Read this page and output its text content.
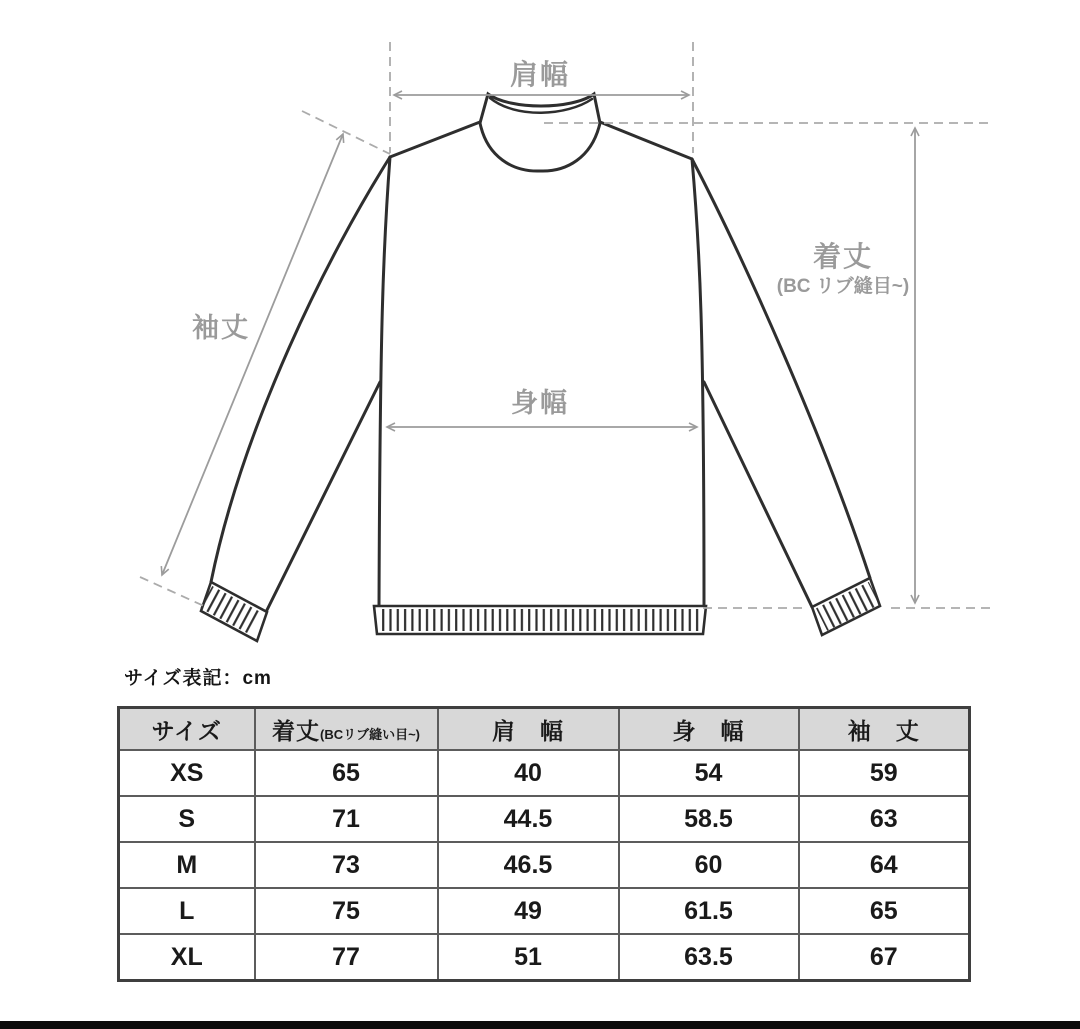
肩幅
着丈
(BC リブ縫目~)
袖丈
身幅
サイズ表記：cm
サイズ	着丈(BCリブ縫い目~)	肩　幅	身　幅	袖　丈
XS	65	40	54	59
S	71	44.5	58.5	63
M	73	46.5	60	64
L	75	49	61.5	65
XL	77	51	63.5	67
